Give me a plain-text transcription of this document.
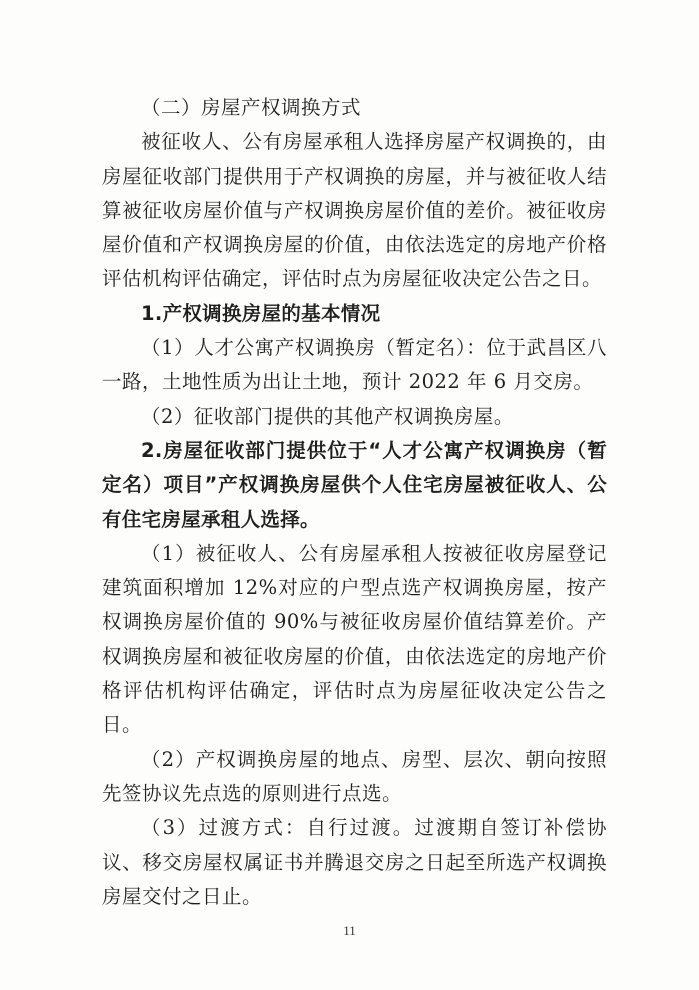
（二）房屋产权调换方式

被征收人、公有房屋承租人选择房屋产权调换的，由房屋征收部门提供用于产权调换的房屋，并与被征收人结算被征收房屋价值与产权调换房屋价值的差价。被征收房屋价值和产权调换房屋的价值，由依法选定的房地产价格评估机构评估确定，评估时点为房屋征收决定公告之日。

1.产权调换房屋的基本情况

（1）人才公寓产权调换房（暂定名）：位于武昌区八一路，土地性质为出让土地，预计 2022 年 6 月交房。

（2）征收部门提供的其他产权调换房屋。

2.房屋征收部门提供位于“人才公寓产权调换房（暂定名）项目”产权调换房屋供个人住宅房屋被征收人、公有住宅房屋承租人选择。

（1）被征收人、公有房屋承租人按被征收房屋登记建筑面积增加 12%对应的户型点选产权调换房屋，按产权调换房屋价值的 90%与被征收房屋价值结算差价。产权调换房屋和被征收房屋的价值，由依法选定的房地产价格评估机构评估确定，评估时点为房屋征收决定公告之日。

（2）产权调换房屋的地点、房型、层次、朝向按照先签协议先点选的原则进行点选。

（3）过渡方式：自行过渡。过渡期自签订补偿协议、移交房屋权属证书并腾退交房之日起至所选产权调换房屋交付之日止。

11
